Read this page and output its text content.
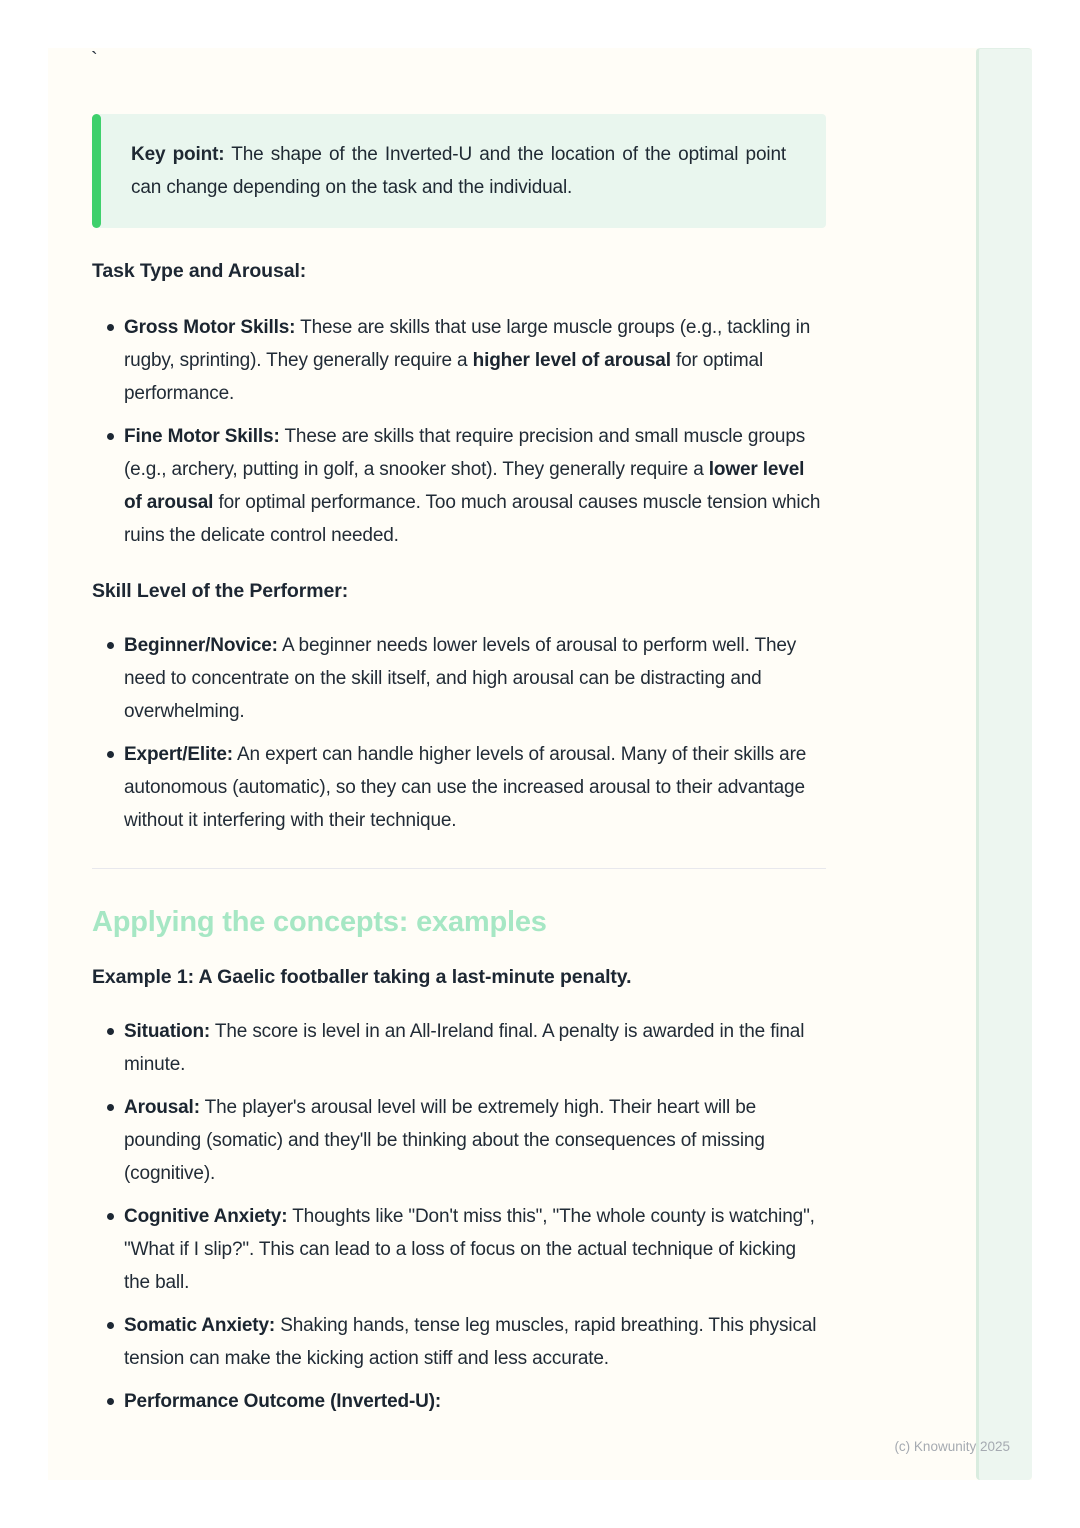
`

Key point: The shape of the Inverted-U and the location of the optimal point can change depending on the task and the individual.

Task Type and Arousal:
Gross Motor Skills: These are skills that use large muscle groups (e.g., tackling in rugby, sprinting). They generally require a higher level of arousal for optimal performance.
Fine Motor Skills: These are skills that require precision and small muscle groups (e.g., archery, putting in golf, a snooker shot). They generally require a lower level of arousal for optimal performance. Too much arousal causes muscle tension which ruins the delicate control needed.
Skill Level of the Performer:
Beginner/Novice: A beginner needs lower levels of arousal to perform well. They need to concentrate on the skill itself, and high arousal can be distracting and overwhelming.
Expert/Elite: An expert can handle higher levels of arousal. Many of their skills are autonomous (automatic), so they can use the increased arousal to their advantage without it interfering with their technique.
Applying the concepts: examples
Example 1: A Gaelic footballer taking a last-minute penalty.
Situation: The score is level in an All-Ireland final. A penalty is awarded in the final minute.
Arousal: The player's arousal level will be extremely high. Their heart will be pounding (somatic) and they'll be thinking about the consequences of missing (cognitive).
Cognitive Anxiety: Thoughts like "Don't miss this", "The whole county is watching", "What if I slip?". This can lead to a loss of focus on the actual technique of kicking the ball.
Somatic Anxiety: Shaking hands, tense leg muscles, rapid breathing. This physical tension can make the kicking action stiff and less accurate.
Performance Outcome (Inverted-U):
(c) Knowunity 2025
